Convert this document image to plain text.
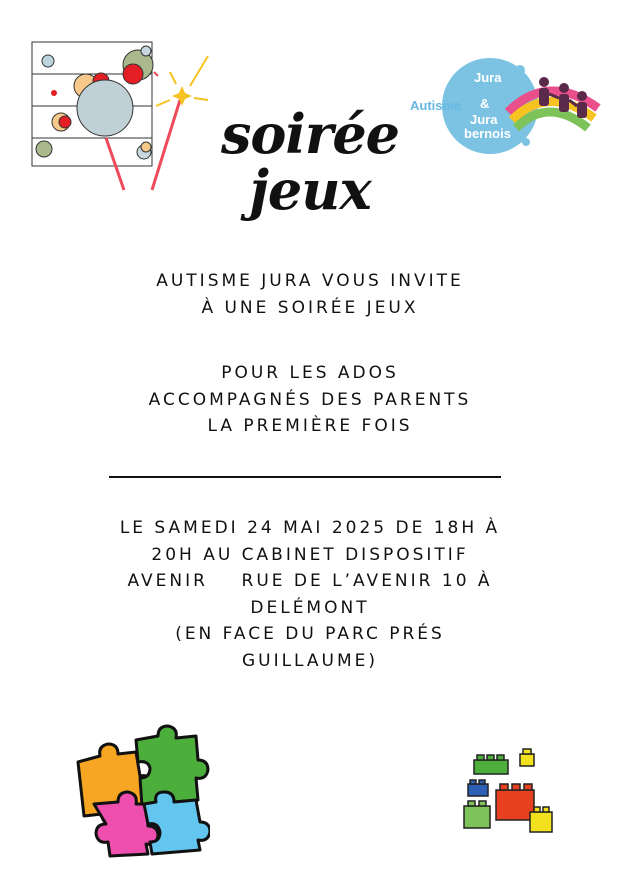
Autisme
Jura
&
Jura
bernois
soirée
jeux
AUTISME JURA VOUS INVITE
À UNE SOIRÉE JEUX
POUR LES ADOS
ACCOMPAGNÉS DES PARENTS
LA PREMIÈRE FOIS
LE SAMEDI 24 MAI 2025 DE 18H À
20H AU CABINET DISPOSITIF
AVENIR    RUE DE L’AVENIR 10 À
DELÉMONT
(EN FACE DU PARC PRÉS
GUILLAUME)
